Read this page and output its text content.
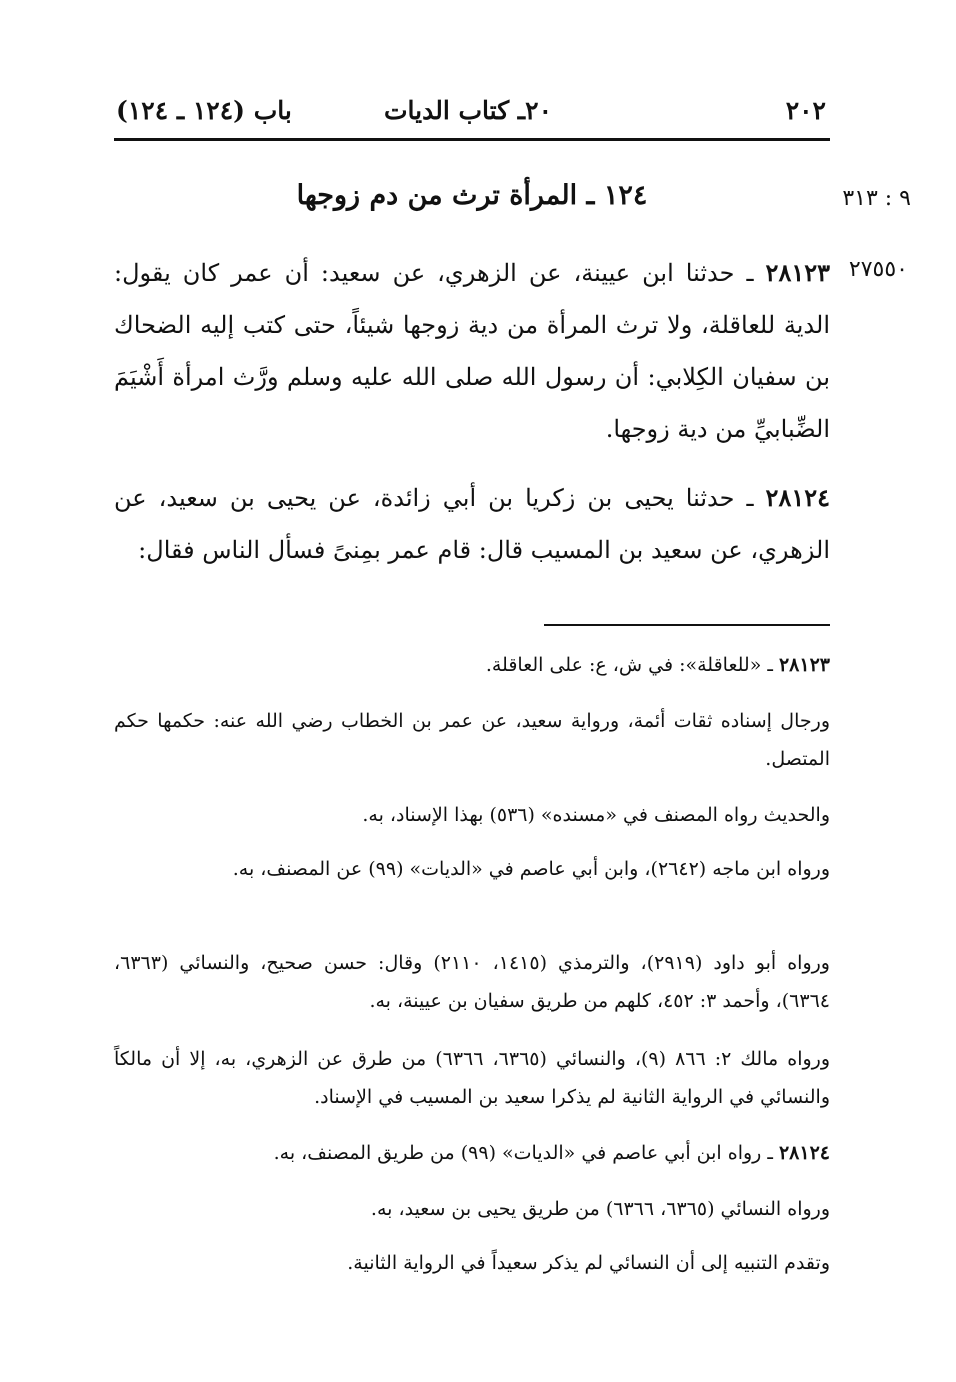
٢٠٢
٢٠ـ كتاب الديات
باب (١٢٤ ـ ١٢٤)
٩ : ٣١٣
٢٧٥٥٠
١٢٤ ـ المرأة ترث من دم زوجها

٢٨١٢٣ ـ حدثنا ابن عيينة، عن الزهري، عن سعيد: أن عمر كان يقول: الدية للعاقلة، ولا ترث المرأة من دية زوجها شيئاً، حتى كتب إليه الضحاك بن سفيان الكِلابي: أن رسول الله صلى الله عليه وسلم ورَّث امرأة أَشْيَمَ الضِّبابيِّ من دية زوجها.

٢٨١٢٤ ـ حدثنا يحيى بن زكريا بن أبي زائدة، عن يحيى بن سعيد، عن الزهري، عن سعيد بن المسيب قال: قام عمر بمِنىً فسأل الناس فقال:

٢٨١٢٣ ـ «للعاقلة»: في ش، ع: على العاقلة.

ورجال إسناده ثقات أئمة، ورواية سعيد، عن عمر بن الخطاب رضي الله عنه: حكمها حكم المتصل.

والحديث رواه المصنف في «مسنده» (٥٣٦) بهذا الإسناد، به.

ورواه ابن ماجه (٢٦٤٢)، وابن أبي عاصم في «الديات» (٩٩) عن المصنف، به.

ورواه أبو داود (٢٩١٩)، والترمذي (١٤١٥، ٢١١٠) وقال: حسن صحيح، والنسائي (٦٣٦٣، ٦٣٦٤)، وأحمد ٣: ٤٥٢، كلهم من طريق سفيان بن عيينة، به.

ورواه مالك ٢: ٨٦٦ (٩)، والنسائي (٦٣٦٥، ٦٣٦٦) من طرق عن الزهري، به، إلا أن مالكاً والنسائي في الرواية الثانية لم يذكرا سعيد بن المسيب في الإسناد.

٢٨١٢٤ ـ رواه ابن أبي عاصم في «الديات» (٩٩) من طريق المصنف، به.

ورواه النسائي (٦٣٦٥، ٦٣٦٦) من طريق يحيى بن سعيد، به.

وتقدم التنبيه إلى أن النسائي لم يذكر سعيداً في الرواية الثانية.
